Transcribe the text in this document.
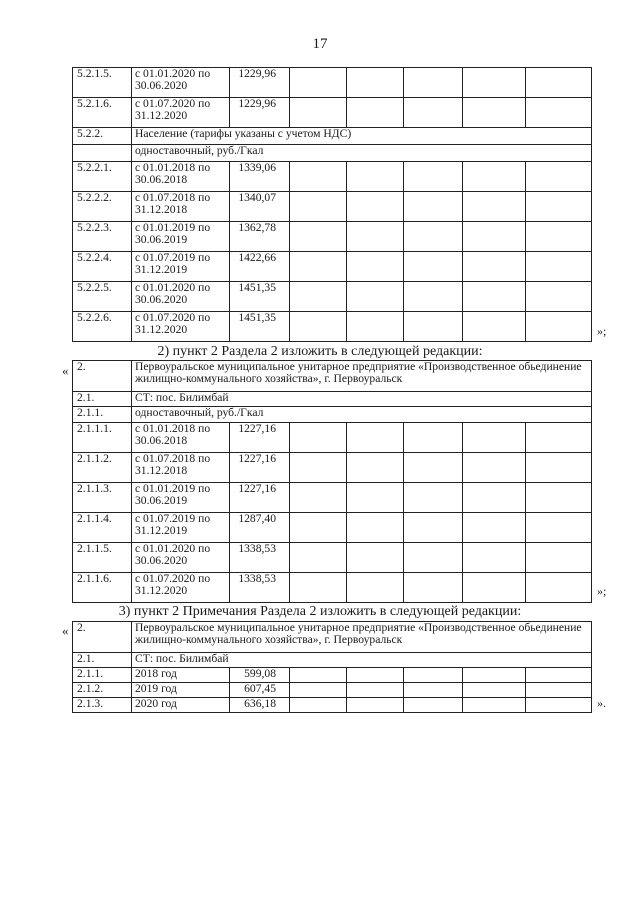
17
5.2.1.5.	с 01.01.2020 по 30.06.2020	1229,96					
5.2.1.6.	с 01.07.2020 по 31.12.2020	1229,96					
5.2.2.	Население (тарифы указаны с учетом НДС)						
	одноставочный, руб./Гкал						
5.2.2.1.	с 01.01.2018 по 30.06.2018	1339,06					
5.2.2.2.	с 01.07.2018 по 31.12.2018	1340,07					
5.2.2.3.	с 01.01.2019 по 30.06.2019	1362,78					
5.2.2.4.	с 01.07.2019 по 31.12.2019	1422,66					
5.2.2.5.	с 01.01.2020 по 30.06.2020	1451,35					
5.2.2.6.	с 01.07.2020 по 31.12.2020	1451,35					
»;
2) пункт 2 Раздела 2 изложить в следующей редакции:
« 2.	Первоуральское муниципальное унитарное предприятие «Производственное обьединение жилищно-коммунального хозяйства», г. Первоуральск						
2.1.	СТ: пос. Билимбай						
2.1.1.	одноставочный, руб./Гкал						
2.1.1.1.	с 01.01.2018 по 30.06.2018	1227,16					
2.1.1.2.	с 01.07.2018 по 31.12.2018	1227,16					
2.1.1.3.	с 01.01.2019 по 30.06.2019	1227,16					
2.1.1.4.	с 01.07.2019 по 31.12.2019	1287,40					
2.1.1.5.	с 01.01.2020 по 30.06.2020	1338,53					
2.1.1.6.	с 01.07.2020 по 31.12.2020	1338,53					
»;
3) пункт 2 Примечания Раздела 2 изложить в следующей редакции:
« 2.	Первоуральское муниципальное унитарное предприятие «Производственное обьединение жилищно-коммунального хозяйства», г. Первоуральск						
2.1.	СТ: пос. Билимбай						
2.1.1.	2018 год	599,08					
2.1.2.	2019 год	607,45					
2.1.3.	2020 год	636,18						».
